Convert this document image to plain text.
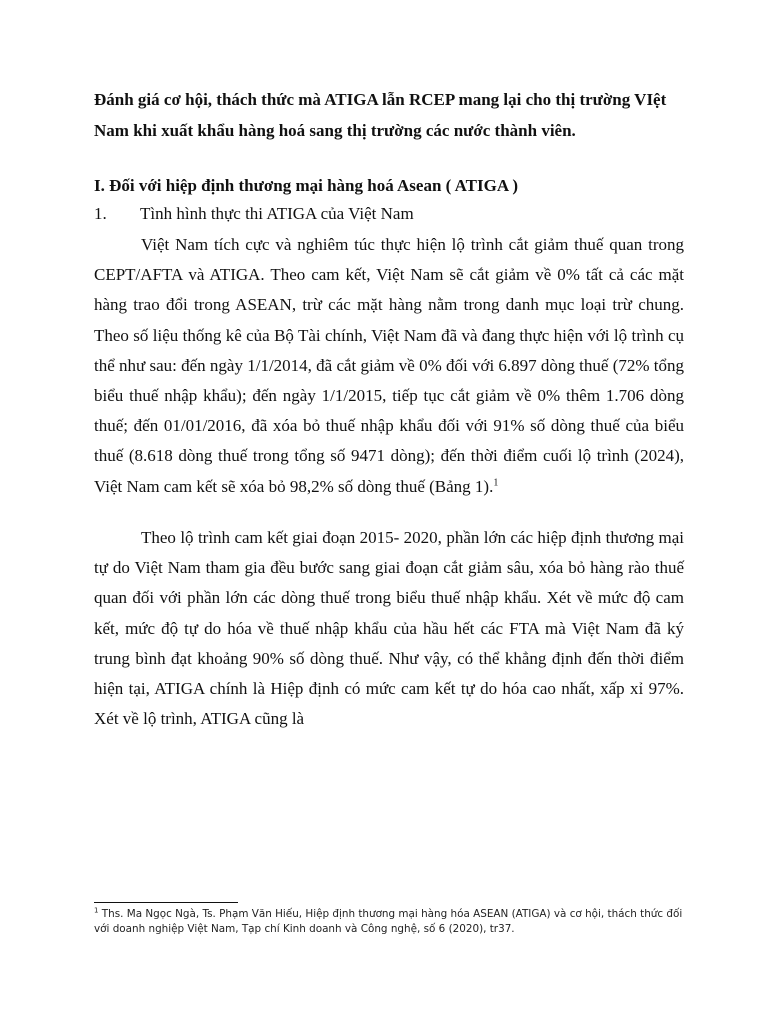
Đánh giá cơ hội, thách thức mà ATIGA lẫn RCEP mang lại cho thị trường VIệt Nam khi xuất khẩu hàng hoá sang thị trường các nước thành viên.

I. Đối với hiệp định thương mại hàng hoá Asean ( ATIGA )

1. Tình hình thực thi ATIGA của Việt Nam

Việt Nam tích cực và nghiêm túc thực hiện lộ trình cắt giảm thuế quan trong CEPT/AFTA và ATIGA. Theo cam kết, Việt Nam sẽ cắt giảm về 0% tất cả các mặt hàng trao đổi trong ASEAN, trừ các mặt hàng nằm trong danh mục loại trừ chung. Theo số liệu thống kê của Bộ Tài chính, Việt Nam đã và đang thực hiện với lộ trình cụ thể như sau: đến ngày 1/1/2014, đã cắt giảm về 0% đối với 6.897 dòng thuế (72% tổng biểu thuế nhập khẩu); đến ngày 1/1/2015, tiếp tục cắt giảm về 0% thêm 1.706 dòng thuế; đến 01/01/2016, đã xóa bỏ thuế nhập khẩu đối với 91% số dòng thuế của biểu thuế (8.618 dòng thuế trong tổng số 9471 dòng); đến thời điểm cuối lộ trình (2024), Việt Nam cam kết sẽ xóa bỏ 98,2% số dòng thuế (Bảng 1).$^1$

Theo lộ trình cam kết giai đoạn 2015- 2020, phần lớn các hiệp định thương mại tự do Việt Nam tham gia đều bước sang giai đoạn cắt giảm sâu, xóa bỏ hàng rào thuế quan đối với phần lớn các dòng thuế trong biểu thuế nhập khẩu. Xét về mức độ cam kết, mức độ tự do hóa về thuế nhập khẩu của hầu hết các FTA mà Việt Nam đã ký trung bình đạt khoảng 90% số dòng thuế. Như vậy, có thể khẳng định đến thời điểm hiện tại, ATIGA chính là Hiệp định có mức cam kết tự do hóa cao nhất, xấp xỉ 97%. Xét về lộ trình, ATIGA cũng là

$^1$ Ths. Ma Ngọc Ngà, Ts. Phạm Văn Hiếu, Hiệp định thương mại hàng hóa ASEAN (ATIGA) và cơ hội, thách thức đối với doanh nghiệp Việt Nam, Tạp chí Kinh doanh và Công nghệ, số 6 (2020), tr37.
